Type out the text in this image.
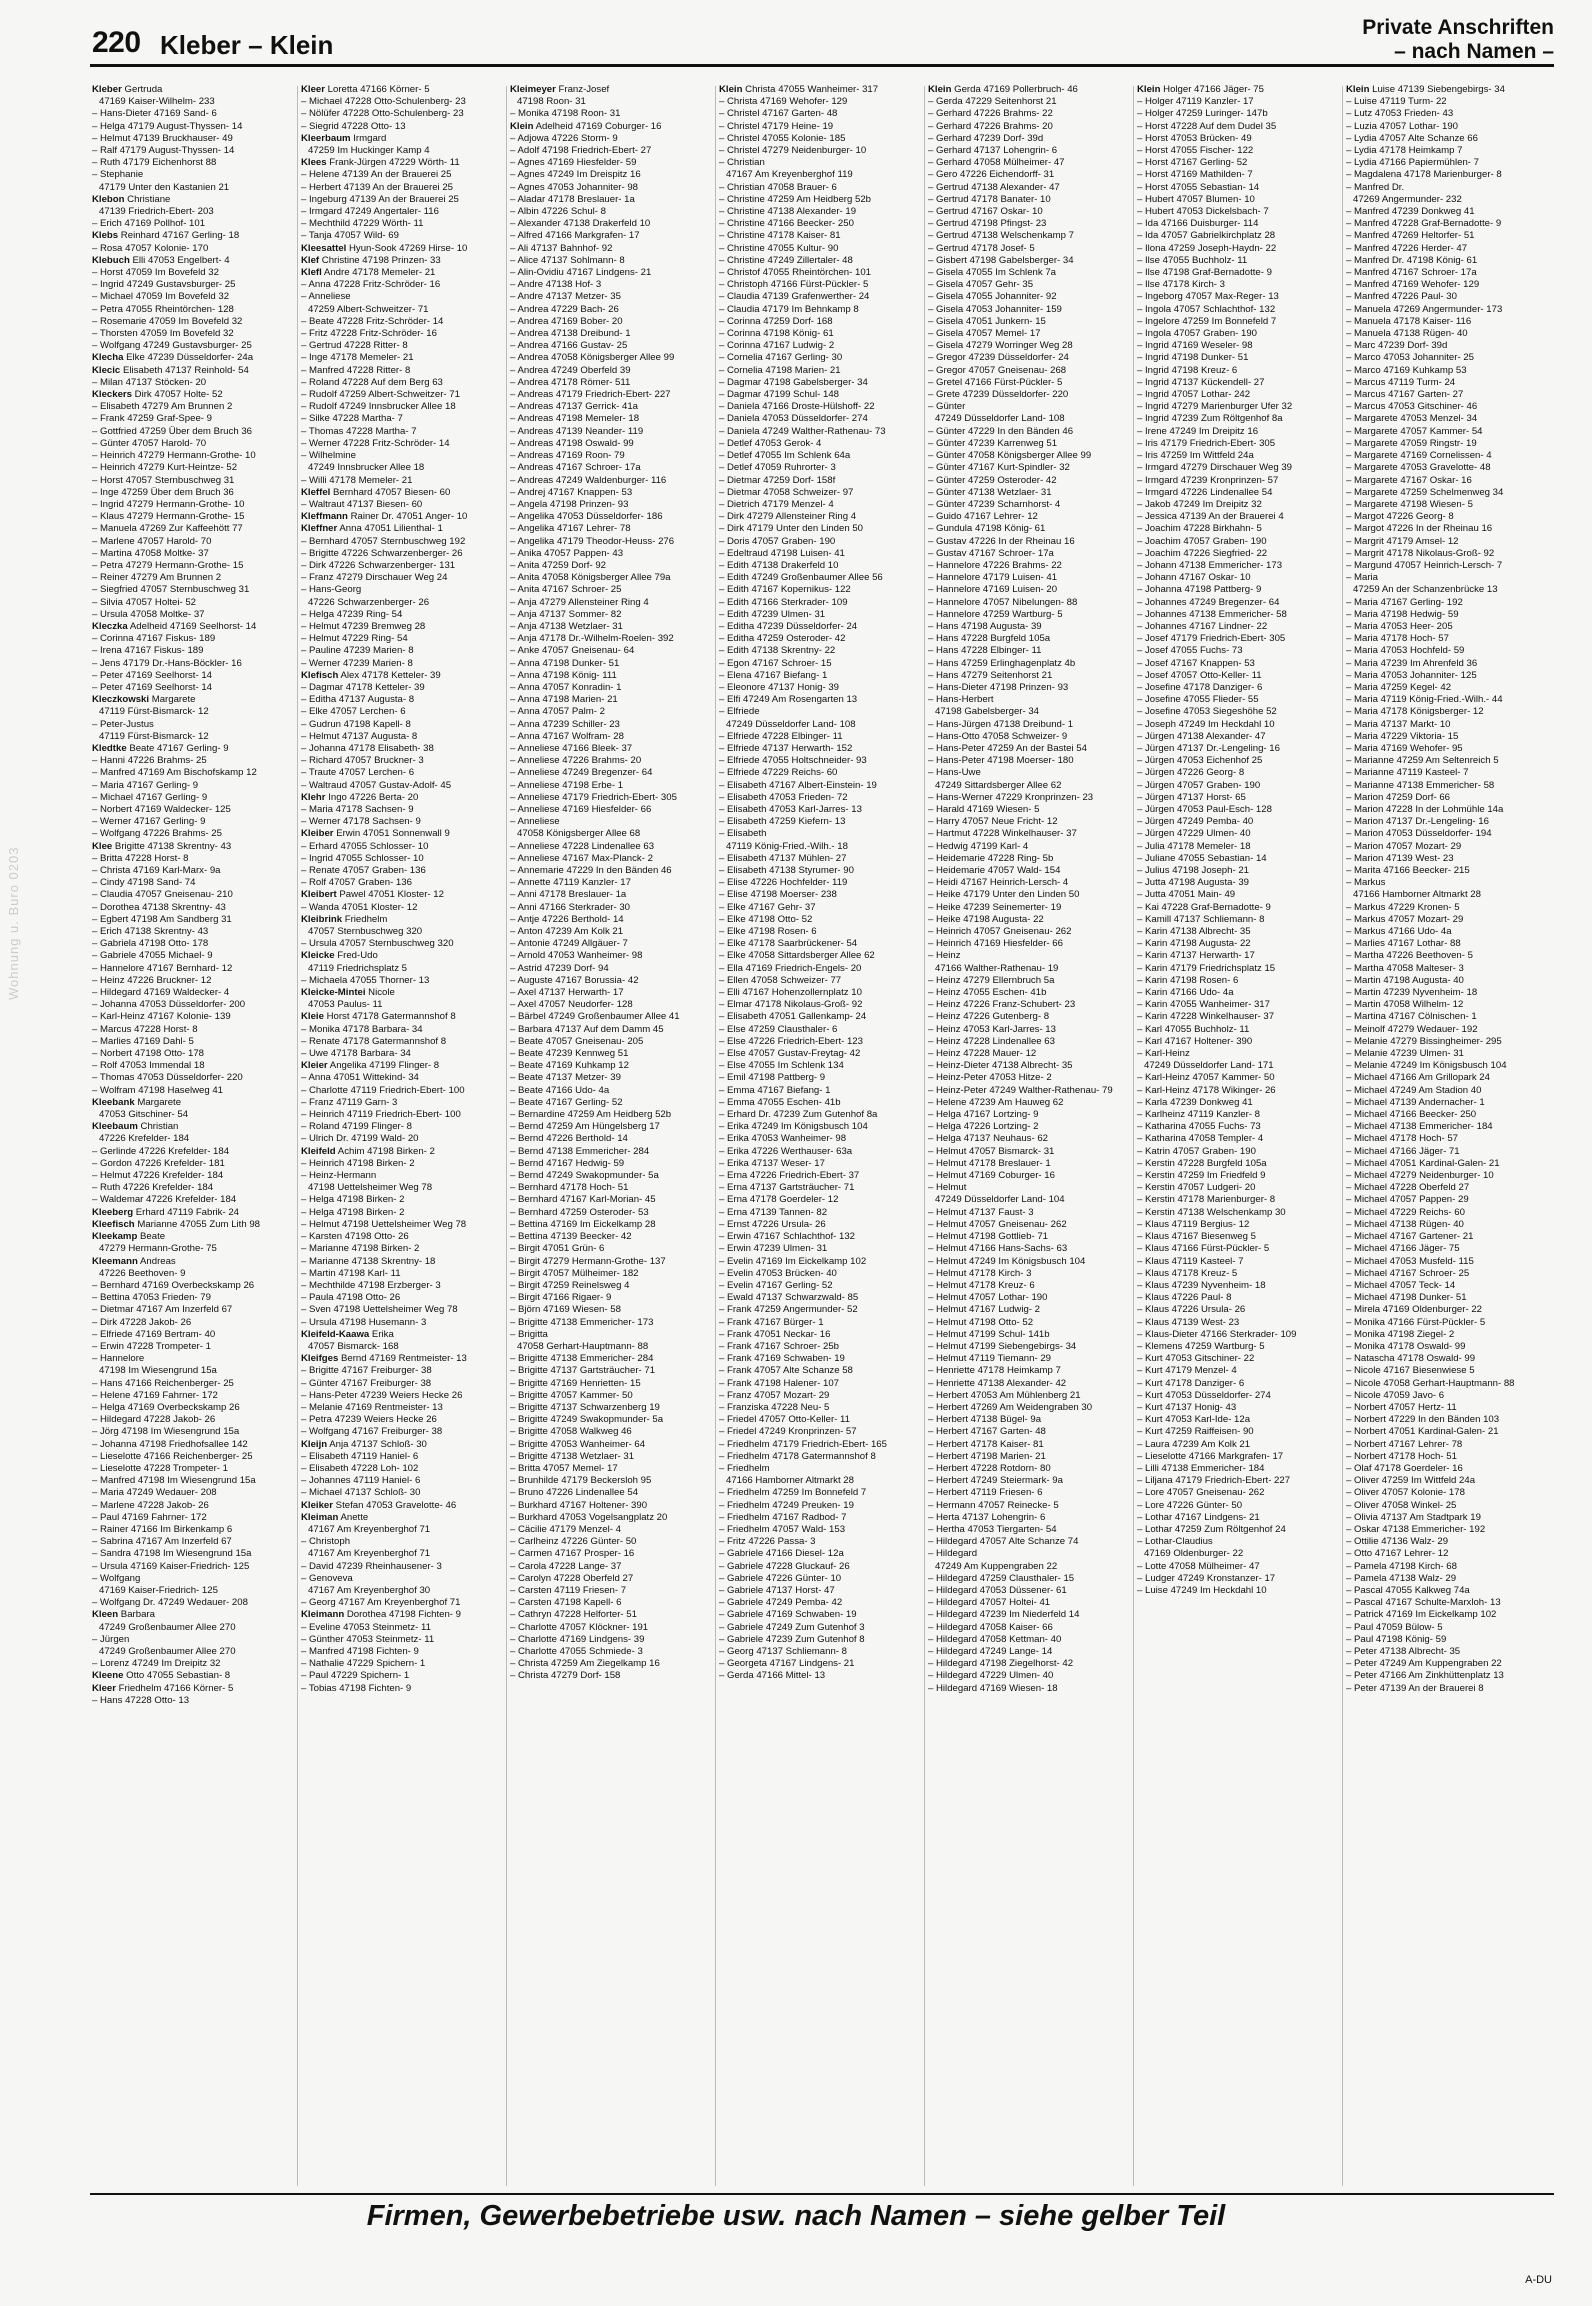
220 Kleber – Klein
Private Anschriften
– nach Namen –
Wohnung u. Buro 0203
Kleber Gertruda
47169 Kaiser-Wilhelm- 233
– Hans-Dieter 47169 Sand- 6
– Helga 47179 August-Thyssen- 14
– Helmut 47139 Bruckhauser- 49
– Ralf 47179 August-Thyssen- 14
– Ruth 47179 Eichenhorst 88
– Stephanie
47179 Unter den Kastanien 21
Klebon Christiane
47139 Friedrich-Ebert- 203
– Erich 47169 Pollhof- 101
Klebs Reinhard 47167 Gerling- 18
– Rosa 47057 Kolonie- 170
Klebuch Elli 47053 Engelbert- 4
– Horst 47059 Im Bovefeld 32
– Ingrid 47249 Gustavsburger- 25
– Michael 47059 Im Bovefeld 32
– Petra 47055 Rheintörchen- 128
– Rosemarie 47059 Im Bovefeld 32
– Thorsten 47059 Im Bovefeld 32
– Wolfgang 47249 Gustavsburger- 25
Klecha Elke 47239 Düsseldorfer- 24a
Klecic Elisabeth 47137 Reinhold- 54
– Milan 47137 Stöcken- 20
Kleckers Dirk 47057 Holte- 52
– Elisabeth 47279 Am Brunnen 2
– Frank 47259 Graf-Spee- 9
– Gottfried 47259 Über dem Bruch 36
– Günter 47057 Harold- 70
– Heinrich 47279 Hermann-Grothe- 10
– Heinrich 47279 Kurt-Heintze- 52
– Horst 47057 Sternbuschweg 31
– Inge 47259 Über dem Bruch 36
– Ingrid 47279 Hermann-Grothe- 10
– Klaus 47279 Hermann-Grothe- 15
– Manuela 47269 Zur Kaffeehött 77
– Marlene 47057 Harold- 70
– Martina 47058 Moltke- 37
– Petra 47279 Hermann-Grothe- 15
– Reiner 47279 Am Brunnen 2
– Siegfried 47057 Sternbuschweg 31
– Silvia 47057 Holtei- 52
– Ursula 47058 Moltke- 37
Kleczka Adelheid 47169 Seelhorst- 14
– Corinna 47167 Fiskus- 189
– Irena 47167 Fiskus- 189
– Jens 47179 Dr.-Hans-Böckler- 16
– Peter 47169 Seelhorst- 14
– Peter 47169 Seelhorst- 14
Kleczkowski Margarete
47119 Fürst-Bismarck- 12
– Peter-Justus
47119 Fürst-Bismarck- 12
Kledtke Beate 47167 Gerling- 9
– Hanni 47226 Brahms- 25
– Manfred 47169 Am Bischofskamp 12
– Maria 47167 Gerling- 9
– Michael 47167 Gerling- 9
– Norbert 47169 Waldecker- 125
– Werner 47167 Gerling- 9
– Wolfgang 47226 Brahms- 25
Klee Brigitte 47138 Skrentny- 43
– Britta 47228 Horst- 8
– Christa 47169 Karl-Marx- 9a
– Cindy 47198 Sand- 74
– Claudia 47057 Gneisenau- 210
– Dorothea 47138 Skrentny- 43
– Egbert 47198 Am Sandberg 31
– Erich 47138 Skrentny- 43
– Gabriela 47198 Otto- 178
– Gabriele 47055 Michael- 9
– Hannelore 47167 Bernhard- 12
– Heinz 47226 Bruckner- 12
– Hildegard 47169 Waldecker- 4
– Johanna 47053 Düsseldorfer- 200
– Karl-Heinz 47167 Kolonie- 139
– Marcus 47228 Horst- 8
– Marlies 47169 Dahl- 5
– Norbert 47198 Otto- 178
– Rolf 47053 Immendal 18
– Thomas 47053 Düsseldorfer- 220
– Wolfram 47198 Haselweg 41
Kleebank Margarete
47053 Gitschiner- 54
Kleebaum Christian
47226 Krefelder- 184
– Gerlinde 47226 Krefelder- 184
– Gordon 47226 Krefelder- 181
– Helmut 47226 Krefelder- 184
– Ruth 47226 Krefelder- 184
– Waldemar 47226 Krefelder- 184
Kleeberg Erhard 47119 Fabrik- 24
Kleefisch Marianne 47055 Zum Lith 98
Kleekamp Beate
47279 Hermann-Grothe- 75
Kleemann Andreas
47226 Beethoven- 9
– Bernhard 47169 Overbeckskamp 26
– Bettina 47053 Frieden- 79
– Dietmar 47167 Am Inzerfeld 67
– Dirk 47228 Jakob- 26
– Elfriede 47169 Bertram- 40
– Erwin 47228 Trompeter- 1
– Hannelore
47198 Im Wiesengrund 15a
– Hans 47166 Reichenberger- 25
– Helene 47169 Fahrner- 172
– Helga 47169 Overbeckskamp 26
– Hildegard 47228 Jakob- 26
– Jörg 47198 Im Wiesengrund 15a
– Johanna 47198 Friedhofsallee 142
– Lieselotte 47166 Reichenberger- 25
– Lieselotte 47228 Trompeter- 1
– Manfred 47198 Im Wiesengrund 15a
– Maria 47249 Wedauer- 208
– Marlene 47228 Jakob- 26
– Paul 47169 Fahrner- 172
– Rainer 47166 Im Birkenkamp 6
– Sabrina 47167 Am Inzerfeld 67
– Sandra 47198 Im Wiesengrund 15a
– Ursula 47169 Kaiser-Friedrich- 125
– Wolfgang
47169 Kaiser-Friedrich- 125
– Wolfgang Dr. 47249 Wedauer- 208
Kleen Barbara
47249 Großenbaumer Allee 270
– Jürgen
47249 Großenbaumer Allee 270
– Lorenz 47249 Im Dreipitz 32
Kleene Otto 47055 Sebastian- 8
Kleer Friedhelm 47166 Körner- 5
– Hans 47228 Otto- 13
Kleer Loretta 47166 Körner- 5
– Michael 47228 Otto-Schulenberg- 23
– Nölüfer 47228 Otto-Schulenberg- 23
– Siegrid 47228 Otto- 13
Kleerbaum Irmgard
47259 Im Huckinger Kamp 4
Klees Frank-Jürgen 47229 Wörth- 11
– Helene 47139 An der Brauerei 25
– Herbert 47139 An der Brauerei 25
– Ingeburg 47139 An der Brauerei 25
– Irmgard 47249 Angertaler- 116
– Mechthild 47229 Wörth- 11
– Tanja 47057 Wild- 69
Kleesattel Hyun-Sook 47269 Hirse- 10
Klef Christine 47198 Prinzen- 33
Klefl Andre 47178 Memeler- 21
– Anna 47228 Fritz-Schröder- 16
– Anneliese
47259 Albert-Schweitzer- 71
– Beate 47228 Fritz-Schröder- 14
– Fritz 47228 Fritz-Schröder- 16
– Gertrud 47228 Ritter- 8
– Inge 47178 Memeler- 21
– Manfred 47228 Ritter- 8
– Roland 47228 Auf dem Berg 63
– Rudolf 47259 Albert-Schweitzer- 71
– Rudolf 47249 Innsbrucker Allee 18
– Silke 47228 Martha- 7
– Thomas 47228 Martha- 7
– Werner 47228 Fritz-Schröder- 14
– Wilhelmine
47249 Innsbrucker Allee 18
– Willi 47178 Memeler- 21
Kleffel Bernhard 47057 Biesen- 60
– Waltraut 47137 Biesen- 60
Kleffmann Rainer Dr. 47051 Anger- 10
Kleffner Anna 47051 Lilienthal- 1
– Bernhard 47057 Sternbuschweg 192
– Brigitte 47226 Schwarzenberger- 26
– Dirk 47226 Schwarzenberger- 131
– Franz 47279 Dirschauer Weg 24
– Hans-Georg
47226 Schwarzenberger- 26
– Helga 47239 Ring- 54
– Helmut 47239 Bremweg 28
– Helmut 47229 Ring- 54
– Pauline 47239 Marien- 8
– Werner 47239 Marien- 8
Klefisch Alex 47178 Ketteler- 39
– Dagmar 47178 Ketteler- 39
– Editha 47137 Augusta- 8
– Elke 47057 Lerchen- 6
– Gudrun 47198 Kapell- 8
– Helmut 47137 Augusta- 8
– Johanna 47178 Elisabeth- 38
– Richard 47057 Bruckner- 3
– Traute 47057 Lerchen- 6
– Waltraud 47057 Gustav-Adolf- 45
Klehr Ingo 47226 Berta- 20
– Maria 47178 Sachsen- 9
– Werner 47178 Sachsen- 9
Kleiber Erwin 47051 Sonnenwall 9
– Erhard 47055 Schlosser- 10
– Ingrid 47055 Schlosser- 10
– Renate 47057 Graben- 136
– Rolf 47057 Graben- 136
Kleibert Pawel 47051 Kloster- 12
– Wanda 47051 Kloster- 12
Kleibrink Friedhelm
47057 Sternbuschweg 320
– Ursula 47057 Sternbuschweg 320
Kleicke Fred-Udo
47119 Friedrichsplatz 5
– Michaela 47055 Thorner- 13
Kleicke-Mintei Nicole
47053 Paulus- 11
Kleie Horst 47178 Gatermannshof 8
– Monika 47178 Barbara- 34
– Renate 47178 Gatermannshof 8
– Uwe 47178 Barbara- 34
Kleier Angelika 47199 Flinger- 8
– Anna 47051 Wittekind- 34
– Charlotte 47119 Friedrich-Ebert- 100
– Franz 47119 Garn- 3
– Heinrich 47119 Friedrich-Ebert- 100
– Roland 47199 Flinger- 8
– Ulrich Dr. 47199 Wald- 20
Kleifeld Achim 47198 Birken- 2
– Heinrich 47198 Birken- 2
– Heinz-Hermann
47198 Uettelsheimer Weg 78
– Helga 47198 Birken- 2
– Helga 47198 Birken- 2
– Helmut 47198 Uettelsheimer Weg 78
– Karsten 47198 Otto- 26
– Marianne 47198 Birken- 2
– Marianne 47138 Skrentny- 18
– Martin 47198 Karl- 11
– Mechthilde 47198 Erzberger- 3
– Paula 47198 Otto- 26
– Sven 47198 Uettelsheimer Weg 78
– Ursula 47198 Husemann- 3
Kleifeld-Kaawa Erika
47057 Bismarck- 168
Kleifges Bernd 47169 Rentmeister- 13
– Brigitte 47167 Freiburger- 38
– Günter 47167 Freiburger- 38
– Hans-Peter 47239 Weiers Hecke 26
– Melanie 47169 Rentmeister- 13
– Petra 47239 Weiers Hecke 26
– Wolfgang 47167 Freiburger- 38
Kleijn Anja 47137 Schloß- 30
– Elisabeth 47119 Haniel- 6
– Elisabeth 47228 Loh- 102
– Johannes 47119 Haniel- 6
– Michael 47137 Schloß- 30
Kleiker Stefan 47053 Gravelotte- 46
Kleiman Anette
47167 Am Kreyenberghof 71
– Christoph
47167 Am Kreyenberghof 71
– David 47239 Rheinhausener- 3
– Genoveva
47167 Am Kreyenberghof 30
– Georg 47167 Am Kreyenberghof 71
Kleimann Dorothea 47198 Fichten- 9
– Eveline 47053 Steinmetz- 11
– Günther 47053 Steinmetz- 11
– Manfred 47198 Fichten- 9
– Nathalie 47229 Spichern- 1
– Paul 47229 Spichern- 1
– Tobias 47198 Fichten- 9
Kleimeyer Franz-Josef
47198 Roon- 31
– Monika 47198 Roon- 31
Klein Adelheid 47169 Coburger- 16
– Adjowa 47226 Storm- 9
– Adolf 47198 Friedrich-Ebert- 27
– Agnes 47169 Hiesfelder- 59
– Agnes 47249 Im Dreispitz 16
– Agnes 47053 Johanniter- 98
– Aladar 47178 Breslauer- 1a
– Albin 47226 Schul- 8
– Alexander 47138 Drakerfeld 10
– Alfred 47166 Markgrafen- 17
– Ali 47137 Bahnhof- 92
– Alice 47137 Sohlmann- 8
– Alin-Ovidiu 47167 Lindgens- 21
– Andre 47138 Hof- 3
– Andre 47137 Metzer- 35
– Andrea 47229 Bach- 26
– Andrea 47169 Bober- 20
– Andrea 47138 Dreibund- 1
– Andrea 47166 Gustav- 25
– Andrea 47058 Königsberger Allee 99
– Andrea 47249 Oberfeld 39
– Andrea 47178 Römer- 511
– Andreas 47179 Friedrich-Ebert- 227
– Andreas 47137 Gerrick- 41a
– Andreas 47198 Memeler- 18
– Andreas 47139 Neander- 119
– Andreas 47198 Oswald- 99
– Andreas 47169 Roon- 79
– Andreas 47167 Schroer- 17a
– Andreas 47249 Waldenburger- 116
– Andrej 47167 Knappen- 53
– Angela 47198 Prinzen- 93
– Angelika 47053 Düsseldorfer- 186
– Angelika 47167 Lehrer- 78
– Angelika 47179 Theodor-Heuss- 276
– Anika 47057 Pappen- 43
– Anita 47259 Dorf- 92
– Anita 47058 Königsberger Allee 79a
– Anita 47167 Schroer- 25
– Anja 47279 Allensteiner Ring 4
– Anja 47137 Sommer- 82
– Anja 47138 Wetzlaer- 31
– Anja 47178 Dr.-Wilhelm-Roelen- 392
– Anke 47057 Gneisenau- 64
– Anna 47198 Dunker- 51
– Anna 47198 König- 111
– Anna 47057 Konradin- 1
– Anna 47198 Marien- 21
– Anna 47057 Palm- 2
– Anna 47239 Schiller- 23
– Anna 47167 Wolfram- 28
– Anneliese 47166 Bleek- 37
– Anneliese 47226 Brahms- 20
– Anneliese 47249 Bregenzer- 64
– Anneliese 47198 Erbe- 1
– Anneliese 47179 Friedrich-Ebert- 305
– Anneliese 47169 Hiesfelder- 66
– Anneliese
47058 Königsberger Allee 68
– Anneliese 47228 Lindenallee 63
– Anneliese 47167 Max-Planck- 2
– Annemarie 47229 In den Bänden 46
– Annette 47119 Kanzler- 17
– Anni 47178 Breslauer- 1a
– Anni 47166 Sterkrader- 30
– Antje 47226 Berthold- 14
– Anton 47239 Am Kolk 21
– Antonie 47249 Allgäuer- 7
– Arnold 47053 Wanheimer- 98
– Astrid 47239 Dorf- 94
– Auguste 47167 Borussia- 42
– Axel 47137 Herwarth- 17
– Axel 47057 Neudorfer- 128
– Bärbel 47249 Großenbaumer Allee 41
– Barbara 47137 Auf dem Damm 45
– Beate 47057 Gneisenau- 205
– Beate 47239 Kennweg 51
– Beate 47169 Kuhkamp 12
– Beate 47137 Metzer- 39
– Beate 47166 Udo- 4a
– Beate 47167 Gerling- 52
– Bernardine 47259 Am Heidberg 52b
– Bernd 47259 Am Hüngelsberg 17
– Bernd 47226 Berthold- 14
– Bernd 47138 Emmericher- 284
– Bernd 47167 Hedwig- 59
– Bernd 47249 Swakopmunder- 5a
– Bernhard 47178 Hoch- 51
– Bernhard 47167 Karl-Morian- 45
– Bernhard 47259 Osteroder- 53
– Bettina 47169 Im Eickelkamp 28
– Bettina 47139 Beecker- 42
– Birgit 47051 Grün- 6
– Birgit 47279 Hermann-Grothe- 137
– Birgit 47057 Mülheimer- 182
– Birgit 47259 Reinelsweg 4
– Birgit 47166 Rigaer- 9
– Björn 47169 Wiesen- 58
– Brigitte 47138 Emmericher- 173
– Brigitta
47058 Gerhart-Hauptmann- 88
– Brigitte 47138 Emmericher- 284
– Brigitte 47137 Gartsträucher- 71
– Brigitte 47169 Henrietten- 15
– Brigitte 47057 Kammer- 50
– Brigitte 47137 Schwarzenberg 19
– Brigitte 47249 Swakopmunder- 5a
– Brigitte 47058 Walkweg 46
– Brigitte 47053 Wanheimer- 64
– Brigitte 47138 Wetzlaer- 31
– Britta 47057 Memel- 17
– Brunhilde 47179 Beckersloh 95
– Bruno 47226 Lindenallee 54
– Burkhard 47167 Holtener- 390
– Burkhard 47053 Vogelsangplatz 20
– Cäcilie 47179 Menzel- 4
– Carlheinz 47226 Günter- 50
– Carmen 47167 Prosper- 16
– Carola 47228 Lange- 37
– Carolyn 47228 Oberfeld 27
– Carsten 47119 Friesen- 7
– Carsten 47198 Kapell- 6
– Cathryn 47228 Helforter- 51
– Charlotte 47057 Klöckner- 191
– Charlotte 47169 Lindgens- 39
– Charlotte 47055 Schmiede- 3
– Christa 47259 Am Ziegelkamp 16
– Christa 47279 Dorf- 158
Klein Christa 47055 Wanheimer- 317
– Christa 47169 Wehofer- 129
– Christel 47167 Garten- 48
– Christel 47179 Heine- 19
– Christel 47055 Kolonie- 185
– Christel 47279 Neidenburger- 10
– Christian
47167 Am Kreyenberghof 119
– Christian 47058 Brauer- 6
– Christine 47259 Am Heidberg 52b
– Christine 47138 Alexander- 19
– Christine 47166 Beecker- 250
– Christine 47178 Kaiser- 81
– Christine 47055 Kultur- 90
– Christine 47249 Zillertaler- 48
– Christof 47055 Rheintörchen- 101
– Christoph 47166 Fürst-Pückler- 5
– Claudia 47139 Grafenwerther- 24
– Claudia 47179 Im Behnkamp 8
– Corinna 47259 Dorf- 168
– Corinna 47198 König- 61
– Corinna 47167 Ludwig- 2
– Cornelia 47167 Gerling- 30
– Cornelia 47198 Marien- 21
– Dagmar 47198 Gabelsberger- 34
– Dagmar 47199 Schul- 148
– Daniela 47166 Droste-Hülshoff- 22
– Daniela 47053 Düsseldorfer- 274
– Daniela 47249 Walther-Rathenau- 73
– Detlef 47053 Gerok- 4
– Detlef 47055 Im Schlenk 64a
– Detlef 47059 Ruhrorter- 3
– Dietmar 47259 Dorf- 158f
– Dietmar 47058 Schweizer- 97
– Dietrich 47179 Menzel- 4
– Dirk 47279 Allensteiner Ring 4
– Dirk 47179 Unter den Linden 50
– Doris 47057 Graben- 190
– Edeltraud 47198 Luisen- 41
– Edith 47138 Drakerfeld 10
– Edith 47249 Großenbaumer Allee 56
– Edith 47167 Kopernikus- 122
– Edith 47166 Sterkrader- 109
– Edith 47239 Ulmen- 31
– Editha 47239 Düsseldorfer- 24
– Editha 47259 Osteroder- 42
– Edith 47138 Skrentny- 22
– Egon 47167 Schroer- 15
– Elena 47167 Biefang- 1
– Eleonore 47137 Honig- 39
– Elfi 47249 Am Rosengarten 13
– Elfriede
47249 Düsseldorfer Land- 108
– Elfriede 47228 Elbinger- 11
– Elfriede 47137 Herwarth- 152
– Elfriede 47055 Holtschneider- 93
– Elfriede 47229 Reichs- 60
– Elisabeth 47167 Albert-Einstein- 19
– Elisabeth 47053 Frieden- 72
– Elisabeth 47053 Karl-Jarres- 13
– Elisabeth 47259 Kiefern- 13
– Elisabeth
47119 König-Fried.-Wilh.- 18
– Elisabeth 47137 Mühlen- 27
– Elisabeth 47138 Styrumer- 90
– Elise 47226 Hochfelder- 119
– Elise 47198 Moerser- 238
– Elke 47167 Gehr- 37
– Elke 47198 Otto- 52
– Elke 47198 Rosen- 6
– Elke 47178 Saarbrückener- 54
– Elke 47058 Sittardsberger Allee 62
– Ella 47169 Friedrich-Engels- 20
– Ellen 47058 Schweizer- 77
– Elli 47167 Hohenzollernplatz 10
– Elmar 47178 Nikolaus-Groß- 92
– Elisabeth 47051 Gallenkamp- 24
– Else 47259 Clausthaler- 6
– Else 47226 Friedrich-Ebert- 123
– Else 47057 Gustav-Freytag- 42
– Else 47055 Im Schlenk 134
– Emil 47198 Pattberg- 9
– Emma 47167 Biefang- 1
– Emma 47055 Eschen- 41b
– Erhard Dr. 47239 Zum Gutenhof 8a
– Erika 47249 Im Königsbusch 104
– Erika 47053 Wanheimer- 98
– Erika 47226 Werthauser- 63a
– Erika 47137 Weser- 17
– Erna 47226 Friedrich-Ebert- 37
– Erna 47137 Gartsträucher- 71
– Erna 47178 Goerdeler- 12
– Erna 47139 Tannen- 82
– Ernst 47226 Ursula- 26
– Erwin 47167 Schlachthof- 132
– Erwin 47239 Ulmen- 31
– Evelin 47169 Im Eickelkamp 102
– Evelin 47053 Brücken- 40
– Evelin 47167 Gerling- 52
– Ewald 47137 Schwarzwald- 85
– Frank 47259 Angermunder- 52
– Frank 47167 Bürger- 1
– Frank 47051 Neckar- 16
– Frank 47167 Schroer- 25b
– Frank 47169 Schwaben- 19
– Frank 47057 Alte Schanze 58
– Frank 47198 Halener- 107
– Franz 47057 Mozart- 29
– Franziska 47228 Neu- 5
– Friedel 47057 Otto-Keller- 11
– Friedel 47249 Kronprinzen- 57
– Friedhelm 47179 Friedrich-Ebert- 165
– Friedhelm 47178 Gatermannshof 8
– Friedhelm
47166 Hamborner Altmarkt 28
– Friedhelm 47259 Im Bonnefeld 7
– Friedhelm 47249 Preuken- 19
– Friedhelm 47167 Radbod- 7
– Friedhelm 47057 Wald- 153
– Fritz 47226 Passa- 3
– Gabriele 47166 Diesel- 12a
– Gabriele 47228 Gluckauf- 26
– Gabriele 47226 Günter- 10
– Gabriele 47137 Horst- 47
– Gabriele 47249 Pemba- 42
– Gabriele 47169 Schwaben- 19
– Gabriele 47249 Zum Gutenhof 3
– Gabriele 47239 Zum Gutenhof 8
– Georg 47137 Schliemann- 8
– Georgeta 47167 Lindgens- 21
– Gerda 47166 Mittel- 13
Klein Gerda 47169 Pollerbruch- 46
– Gerda 47229 Seitenhorst 21
– Gerhard 47226 Brahms- 22
– Gerhard 47226 Brahms- 20
– Gerhard 47239 Dorf- 39d
– Gerhard 47137 Lohengrin- 6
– Gerhard 47058 Mülheimer- 47
– Gero 47226 Eichendorff- 31
– Gertrud 47138 Alexander- 47
– Gertrud 47178 Banater- 10
– Gertrud 47167 Oskar- 10
– Gertrud 47198 Pfingst- 23
– Gertrud 47138 Welschenkamp 7
– Gertrud 47178 Josef- 5
– Gisbert 47198 Gabelsberger- 34
– Gisela 47055 Im Schlenk 7a
– Gisela 47057 Gehr- 35
– Gisela 47055 Johanniter- 92
– Gisela 47053 Johanniter- 159
– Gisela 47051 Junkern- 15
– Gisela 47057 Memel- 17
– Gisela 47279 Worringer Weg 28
– Gregor 47239 Düsseldorfer- 24
– Gregor 47057 Gneisenau- 268
– Gretel 47166 Fürst-Pückler- 5
– Grete 47239 Düsseldorfer- 220
– Günter
47249 Düsseldorfer Land- 108
– Günter 47229 In den Bänden 46
– Günter 47239 Karrenweg 51
– Günter 47058 Königsberger Allee 99
– Günter 47167 Kurt-Spindler- 32
– Günter 47259 Osteroder- 42
– Günter 47138 Wetzlaer- 31
– Günter 47239 Scharnhorst- 4
– Guido 47167 Lehrer- 12
– Gundula 47198 König- 61
– Gustav 47226 In der Rheinau 16
– Gustav 47167 Schroer- 17a
– Hannelore 47226 Brahms- 22
– Hannelore 47179 Luisen- 41
– Hannelore 47169 Luisen- 20
– Hannelore 47057 Nibelungen- 88
– Hannelore 47259 Wartburg- 5
– Hans 47198 Augusta- 39
– Hans 47228 Burgfeld 105a
– Hans 47228 Elbinger- 11
– Hans 47259 Erlinghagenplatz 4b
– Hans 47279 Seitenhorst 21
– Hans-Dieter 47198 Prinzen- 93
– Hans-Herbert
47198 Gabelsberger- 34
– Hans-Jürgen 47138 Dreibund- 1
– Hans-Otto 47058 Schweizer- 9
– Hans-Peter 47259 An der Bastei 54
– Hans-Peter 47198 Moerser- 180
– Hans-Uwe
47249 Sittardsberger Allee 62
– Hans-Werner 47229 Kronprinzen- 23
– Harald 47169 Wiesen- 5
– Harry 47057 Neue Fricht- 12
– Hartmut 47228 Winkelhauser- 37
– Hedwig 47199 Karl- 4
– Heidemarie 47228 Ring- 5b
– Heidemarie 47057 Wald- 154
– Heidi 47167 Heinrich-Lersch- 4
– Heike 47179 Unter den Linden 50
– Heike 47239 Seinemerter- 19
– Heike 47198 Augusta- 22
– Heinrich 47057 Gneisenau- 262
– Heinrich 47169 Hiesfelder- 66
– Heinz
47166 Walther-Rathenau- 19
– Heinz 47279 Ellernbruch 5a
– Heinz 47055 Eschen- 41b
– Heinz 47226 Franz-Schubert- 23
– Heinz 47226 Gutenberg- 8
– Heinz 47053 Karl-Jarres- 13
– Heinz 47228 Lindenallee 63
– Heinz 47228 Mauer- 12
– Heinz-Dieter 47138 Albrecht- 35
– Heinz-Peter 47053 Hitze- 2
– Heinz-Peter 47249 Walther-Rathenau- 79
– Helene 47239 Am Hauweg 62
– Helga 47167 Lortzing- 9
– Helga 47226 Lortzing- 2
– Helga 47137 Neuhaus- 62
– Helmut 47057 Bismarck- 31
– Helmut 47178 Breslauer- 1
– Helmut 47169 Coburger- 16
– Helmut
47249 Düsseldorfer Land- 104
– Helmut 47137 Faust- 3
– Helmut 47057 Gneisenau- 262
– Helmut 47198 Gottlieb- 71
– Helmut 47166 Hans-Sachs- 63
– Helmut 47249 Im Königsbusch 104
– Helmut 47178 Kirch- 3
– Helmut 47178 Kreuz- 6
– Helmut 47057 Lothar- 190
– Helmut 47167 Ludwig- 2
– Helmut 47198 Otto- 52
– Helmut 47199 Schul- 141b
– Helmut 47199 Siebengebirgs- 34
– Helmut 47119 Tiemann- 29
– Henriette 47178 Heimkamp 7
– Henriette 47138 Alexander- 42
– Herbert 47053 Am Mühlenberg 21
– Herbert 47269 Am Weidengraben 30
– Herbert 47138 Bügel- 9a
– Herbert 47167 Garten- 48
– Herbert 47178 Kaiser- 81
– Herbert 47198 Marien- 21
– Herbert 47228 Rotdorn- 80
– Herbert 47249 Steiermark- 9a
– Herbert 47119 Friesen- 6
– Hermann 47057 Reinecke- 5
– Herta 47137 Lohengrin- 6
– Hertha 47053 Tiergarten- 54
– Hildegard 47057 Alte Schanze 74
– Hildegard
47249 Am Kuppengraben 22
– Hildegard 47259 Clausthaler- 15
– Hildegard 47053 Düssener- 61
– Hildegard 47057 Holtei- 41
– Hildegard 47239 Im Niederfeld 14
– Hildegard 47058 Kaiser- 66
– Hildegard 47058 Kettman- 40
– Hildegard 47249 Lange- 14
– Hildegard 47198 Ziegelhorst- 42
– Hildegard 47229 Ulmen- 40
– Hildegard 47169 Wiesen- 18
Klein Holger 47166 Jäger- 75
– Holger 47119 Kanzler- 17
– Holger 47259 Luringer- 147b
– Horst 47228 Auf dem Dudel 35
– Horst 47053 Brücken- 49
– Horst 47055 Fischer- 122
– Horst 47167 Gerling- 52
– Horst 47169 Mathilden- 7
– Horst 47055 Sebastian- 14
– Hubert 47057 Blumen- 10
– Hubert 47053 Dickelsbach- 7
– Ida 47166 Duisburger- 114
– Ida 47057 Gabrielkirchplatz 28
– Ilona 47259 Joseph-Haydn- 22
– Ilse 47055 Buchholz- 11
– Ilse 47198 Graf-Bernadotte- 9
– Ilse 47178 Kirch- 3
– Ingeborg 47057 Max-Reger- 13
– Ingola 47057 Schlachthof- 132
– Ingelore 47259 Im Bonnefeld 7
– Ingola 47057 Graben- 190
– Ingrid 47169 Weseler- 98
– Ingrid 47198 Dunker- 51
– Ingrid 47198 Kreuz- 6
– Ingrid 47137 Kückendell- 27
– Ingrid 47057 Lothar- 242
– Ingrid 47279 Marienburger Ufer 32
– Ingrid 47239 Zum Röltgenhof 8a
– Irene 47249 Im Dreipitz 16
– Iris 47179 Friedrich-Ebert- 305
– Iris 47259 Im Wittfeld 24a
– Irmgard 47279 Dirschauer Weg 39
– Irmgard 47239 Kronprinzen- 57
– Irmgard 47226 Lindenallee 54
– Jakob 47249 Im Dreipitz 32
– Jessica 47139 An der Brauerei 4
– Joachim 47228 Birkhahn- 5
– Joachim 47057 Graben- 190
– Joachim 47226 Siegfried- 22
– Johann 47138 Emmericher- 173
– Johann 47167 Oskar- 10
– Johanna 47198 Pattberg- 9
– Johannes 47249 Bregenzer- 64
– Johannes 47138 Emmericher- 58
– Johannes 47167 Lindner- 22
– Josef 47179 Friedrich-Ebert- 305
– Josef 47055 Fuchs- 73
– Josef 47167 Knappen- 53
– Josef 47057 Otto-Keller- 11
– Josefine 47178 Danziger- 6
– Josefine 47055 Flieder- 55
– Josefine 47053 Siegeshöhe 52
– Joseph 47249 Im Heckdahl 10
– Jürgen 47138 Alexander- 47
– Jürgen 47137 Dr.-Lengeling- 16
– Jürgen 47053 Eichenhof 25
– Jürgen 47226 Georg- 8
– Jürgen 47057 Graben- 190
– Jürgen 47137 Horst- 65
– Jürgen 47053 Paul-Esch- 128
– Jürgen 47249 Pemba- 40
– Jürgen 47229 Ulmen- 40
– Julia 47178 Memeler- 18
– Juliane 47055 Sebastian- 14
– Julius 47198 Joseph- 21
– Jutta 47198 Augusta- 39
– Jutta 47051 Main- 49
– Kai 47228 Graf-Bernadotte- 9
– Kamill 47137 Schliemann- 8
– Karin 47138 Albrecht- 35
– Karin 47198 Augusta- 22
– Karin 47137 Herwarth- 17
– Karin 47179 Friedrichsplatz 15
– Karin 47198 Rosen- 6
– Karin 47166 Udo- 4a
– Karin 47055 Wanheimer- 317
– Karin 47228 Winkelhauser- 37
– Karl 47055 Buchholz- 11
– Karl 47167 Holtener- 390
– Karl-Heinz
47249 Düsseldorfer Land- 171
– Karl-Heinz 47057 Kammer- 50
– Karl-Heinz 47178 Wikinger- 26
– Karla 47239 Donkweg 41
– Karlheinz 47119 Kanzler- 8
– Katharina 47055 Fuchs- 73
– Katharina 47058 Templer- 4
– Katrin 47057 Graben- 190
– Kerstin 47228 Burgfeld 105a
– Kerstin 47259 Im Friedfeld 9
– Kerstin 47057 Ludgeri- 20
– Kerstin 47178 Marienburger- 8
– Kerstin 47138 Welschenkamp 30
– Klaus 47119 Bergius- 12
– Klaus 47167 Biesenweg 5
– Klaus 47166 Fürst-Pückler- 5
– Klaus 47119 Kasteel- 7
– Klaus 47178 Kreuz- 5
– Klaus 47239 Nyvenheim- 18
– Klaus 47226 Paul- 8
– Klaus 47226 Ursula- 26
– Klaus 47139 West- 23
– Klaus-Dieter 47166 Sterkrader- 109
– Klemens 47259 Wartburg- 5
– Kurt 47053 Gitschiner- 22
– Kurt 47179 Menzel- 4
– Kurt 47178 Danziger- 6
– Kurt 47053 Düsseldorfer- 274
– Kurt 47137 Honig- 43
– Kurt 47053 Karl-Ide- 12a
– Kurt 47259 Raiffeisen- 90
– Laura 47239 Am Kolk 21
– Lieselotte 47166 Markgrafen- 17
– Lilli 47138 Emmericher- 184
– Liljana 47179 Friedrich-Ebert- 227
– Lore 47057 Gneisenau- 262
– Lore 47226 Günter- 50
– Lothar 47167 Lindgens- 21
– Lothar 47259 Zum Röltgenhof 24
– Lothar-Claudius
47169 Oldenburger- 22
– Lotte 47058 Mülheimer- 47
– Ludger 47249 Kronstanzer- 17
– Luise 47249 Im Heckdahl 10
Klein Luise 47139 Siebengebirgs- 34
– Luise 47119 Turm- 22
– Lutz 47053 Frieden- 43
– Luzia 47057 Lothar- 190
– Lydia 47057 Alte Schanze 66
– Lydia 47178 Heimkamp 7
– Lydia 47166 Papiermühlen- 7
– Magdalena 47178 Marienburger- 8
– Manfred Dr.
47269 Angermunder- 232
– Manfred 47239 Donkweg 41
– Manfred 47228 Graf-Bernadotte- 9
– Manfred 47269 Heltorfer- 51
– Manfred 47226 Herder- 47
– Manfred Dr. 47198 König- 61
– Manfred 47167 Schroer- 17a
– Manfred 47169 Wehofer- 129
– Manfred 47226 Paul- 30
– Manuela 47269 Angermunder- 173
– Manuela 47178 Kaiser- 116
– Manuela 47138 Rügen- 40
– Marc 47239 Dorf- 39d
– Marco 47053 Johanniter- 25
– Marco 47169 Kuhkamp 53
– Marcus 47119 Turm- 24
– Marcus 47167 Garten- 27
– Marcus 47053 Gitschiner- 46
– Margarete 47053 Menzel- 34
– Margarete 47057 Kammer- 54
– Margarete 47059 Ringstr- 19
– Margarete 47169 Cornelissen- 4
– Margarete 47053 Gravelotte- 48
– Margarete 47167 Oskar- 16
– Margarete 47259 Schelmenweg 34
– Margarete 47198 Wiesen- 5
– Margot 47226 Georg- 8
– Margot 47226 In der Rheinau 16
– Margrit 47179 Amsel- 12
– Margrit 47178 Nikolaus-Groß- 92
– Margund 47057 Heinrich-Lersch- 7
– Maria
47259 An der Schanzenbrücke 13
– Maria 47167 Gerling- 192
– Maria 47198 Hedwig- 59
– Maria 47053 Heer- 205
– Maria 47178 Hoch- 57
– Maria 47053 Hochfeld- 59
– Maria 47239 Im Ahrenfeld 36
– Maria 47053 Johanniter- 125
– Maria 47259 Kegel- 42
– Maria 47119 König-Fried.-Wilh.- 44
– Maria 47178 Königsberger- 12
– Maria 47137 Markt- 10
– Maria 47229 Viktoria- 15
– Maria 47169 Wehofer- 95
– Marianne 47259 Am Seltenreich 5
– Marianne 47119 Kasteel- 7
– Marianne 47138 Emmericher- 58
– Marion 47259 Dorf- 66
– Marion 47228 In der Lohmühle 14a
– Marion 47137 Dr.-Lengeling- 16
– Marion 47053 Düsseldorfer- 194
– Marion 47057 Mozart- 29
– Marion 47139 West- 23
– Marita 47166 Beecker- 215
– Markus
47166 Hamborner Altmarkt 28
– Markus 47229 Kronen- 5
– Markus 47057 Mozart- 29
– Markus 47166 Udo- 4a
– Marlies 47167 Lothar- 88
– Martha 47226 Beethoven- 5
– Martha 47058 Malteser- 3
– Martin 47198 Augusta- 40
– Martin 47239 Nyvenheim- 18
– Martin 47058 Wilhelm- 12
– Martina 47167 Cölnischen- 1
– Meinolf 47279 Wedauer- 192
– Melanie 47279 Bissingheimer- 295
– Melanie 47239 Ulmen- 31
– Melanie 47249 Im Königsbusch 104
– Michael 47166 Am Grillopark 24
– Michael 47249 Am Stadion 40
– Michael 47139 Andernacher- 1
– Michael 47166 Beecker- 250
– Michael 47138 Emmericher- 184
– Michael 47178 Hoch- 57
– Michael 47166 Jäger- 71
– Michael 47051 Kardinal-Galen- 21
– Michael 47279 Neidenburger- 10
– Michael 47228 Oberfeld 27
– Michael 47057 Pappen- 29
– Michael 47229 Reichs- 60
– Michael 47138 Rügen- 40
– Michael 47167 Gartener- 21
– Michael 47166 Jäger- 75
– Michael 47053 Musfeld- 115
– Michael 47167 Schroer- 25
– Michael 47057 Teck- 14
– Michael 47198 Dunker- 51
– Mirela 47169 Oldenburger- 22
– Monika 47166 Fürst-Pückler- 5
– Monika 47198 Ziegel- 2
– Monika 47178 Oswald- 99
– Natascha 47178 Oswald- 99
– Nicole 47167 Biesenwiese 5
– Nicole 47058 Gerhart-Hauptmann- 88
– Nicole 47059 Javo- 6
– Norbert 47057 Hertz- 11
– Norbert 47229 In den Bänden 103
– Norbert 47051 Kardinal-Galen- 21
– Norbert 47167 Lehrer- 78
– Norbert 47178 Hoch- 51
– Olaf 47178 Goerdeler- 16
– Oliver 47259 Im Wittfeld 24a
– Oliver 47057 Kolonie- 178
– Oliver 47058 Winkel- 25
– Olivia 47137 Am Stadtpark 19
– Oskar 47138 Emmericher- 192
– Ottilie 47136 Walz- 29
– Otto 47167 Lehrer- 12
– Pamela 47198 Kirch- 68
– Pamela 47138 Walz- 29
– Pascal 47055 Kalkweg 74a
– Pascal 47167 Schulte-Marxloh- 13
– Patrick 47169 Im Eickelkamp 102
– Paul 47059 Bülow- 5
– Paul 47198 König- 59
– Peter 47138 Albrecht- 35
– Peter 47249 Am Kuppengraben 22
– Peter 47166 Am Zinkhüttenplatz 13
– Peter 47139 An der Brauerei 8
Firmen, Gewerbebetriebe usw. nach Namen – siehe gelber Teil
A-DU
